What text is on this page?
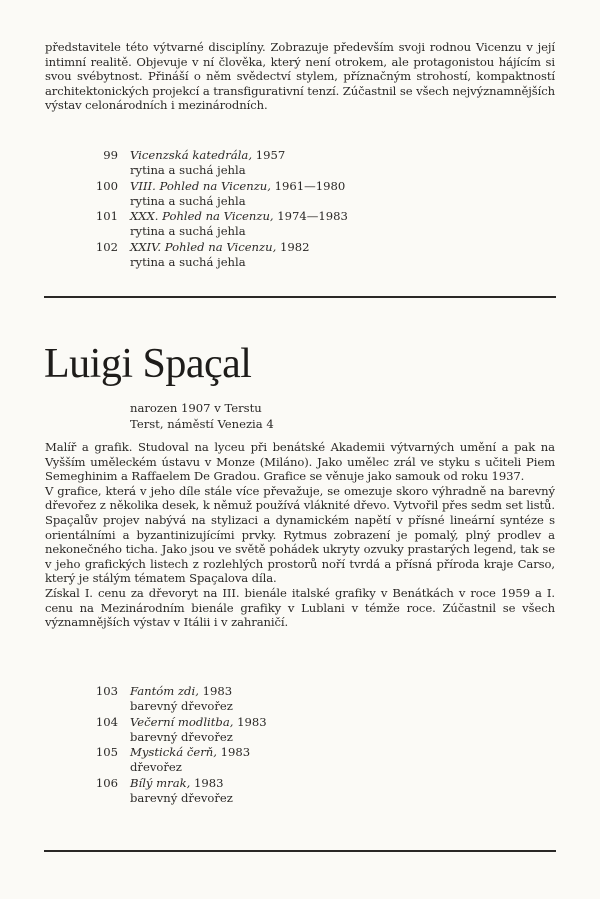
představitele této výtvarné disciplíny. Zobrazuje především svoji rodnou Vicenzu v její intimní realitě. Objevuje v ní člověka, který není otrokem, ale protagonistou hájícím si svou svébytnost. Přináší o něm svědectví stylem, příznačným strohostí, kompaktností architektonických projekcí a transfigurativní tenzí. Zúčastnil se všech nejvýznamnějších výstav celonárodních i mezinárodních.

99 Vicenzská katedrála, 1957
rytina a suchá jehla
100 VIII. Pohled na Vicenzu, 1961—1980
rytina a suchá jehla
101 XXX. Pohled na Vicenzu, 1974—1983
rytina a suchá jehla
102 XXIV. Pohled na Vicenzu, 1982
rytina a suchá jehla
Luigi Spaçal
narozen 1907 v Terstu
Terst, náměstí Venezia 4

Malíř a grafik. Studoval na lyceu při benátské Akademii výtvarných umění a pak na Vyšším uměleckém ústavu v Monze (Miláno). Jako umělec zrál ve styku s učiteli Piem Semeghinim a Raffaelem De Gradou. Grafice se věnuje jako samouk od roku 1937.

V grafice, která v jeho díle stále více převažuje, se omezuje skoro výhradně na barevný dřevořez z několika desek, k němuž používá vláknité dřevo. Vytvořil přes sedm set listů. Spaçalův projev nabývá na stylizaci a dynamickém napětí v přísné lineární syntéze s orientálními a byzantinizujícími prvky. Rytmus zobrazení je pomalý, plný prodlev a nekonečného ticha. Jako jsou ve světě pohádek ukryty ozvuky prastarých legend, tak se v jeho grafických listech z rozlehlých prostorů noří tvrdá a přísná příroda kraje Carso, který je stálým tématem Spaçalova díla.

Získal I. cenu za dřevoryt na III. bienále italské grafiky v Benátkách v roce 1959 a I. cenu na Mezinárodním bienále grafiky v Lublani v témže roce. Zúčastnil se všech významnějších výstav v Itálii i v zahraničí.

103 Fantóm zdi, 1983
barevný dřevořez
104 Večerní modlitba, 1983
barevný dřevořez
105 Mystická čerň, 1983
dřevořez
106 Bílý mrak, 1983
barevný dřevořez
